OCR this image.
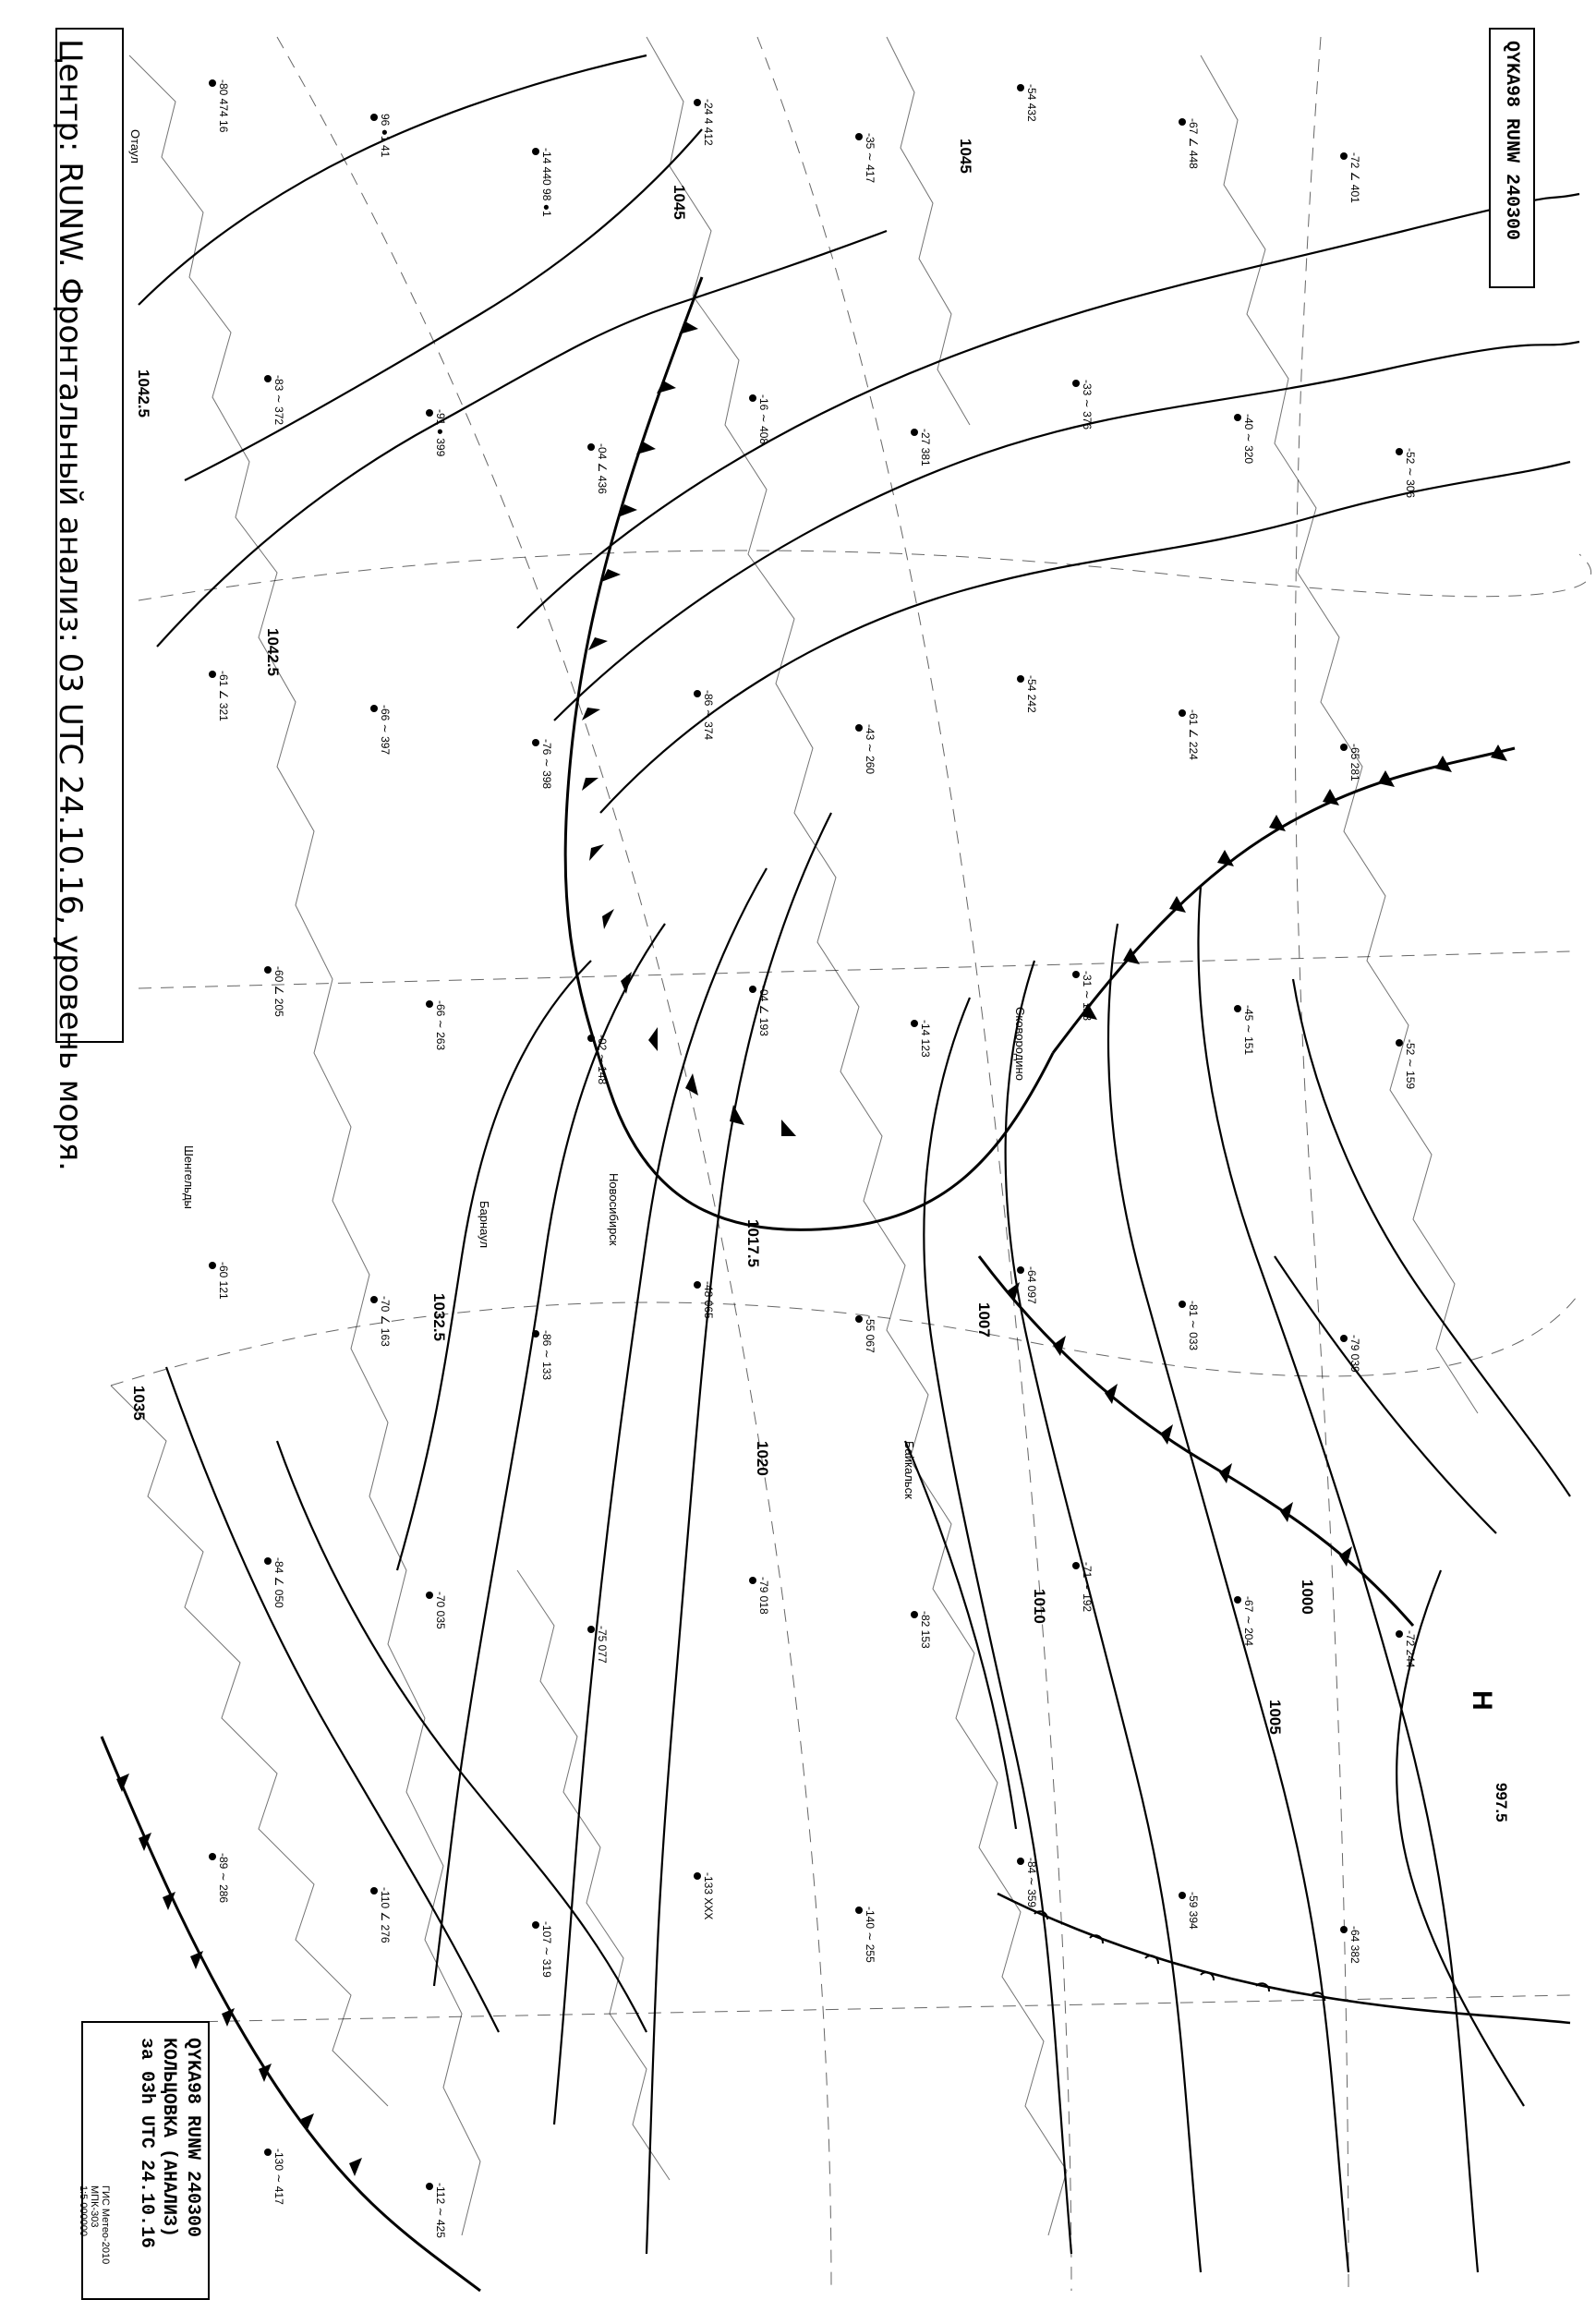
-80 474 16
96 ●1 41
-14 440 98 ●1
-24 4 412
-35 ∼ 417
-54 432
-67 ∠ 448
-72 ∠ 401
-83 ∼ 372
-91 ● 399
-04 ∠ 436
-16 ∼ 408
-27 381
-33 ∼ 376
-40 ∼ 320
-52 ∼ 306
-61 ∠ 321
-66 ∼ 397
-76 ∼ 398
-86 ∼ 374
-43 ∼ 260
-54 242
-61 ∠ 224
-65 281
-60 ∠ 205
-66 ∼ 263
-02 ∼ 148
-04 ∠ 193
-14 123
-31 ∼ 123
-45 ∼ 151
-52 ∼ 159
-60 121
-70 ∠ 163
-86 ∼ 133
-48 065
-55 067
-64 097
-81 ∼ 033
-79 039
-84 ∠ 050
-70 035
-75 077
-79 018
-82 153
-71 ∼ 192
-67 ∼ 204
-72 244
-89 ∼ 286
-110 ∠ 276
-107 ∼ 319
-133 XXX
-140 ∼ 255
-84 ∼ 359
-59 394
-64 382
-130 ∼ 417
-112 ∼ 425
Отаул
Шенгельды	Новосибирск
Сковородино
Барнаул
Байкальск
1045
1045
1042.5
1042.5
1035
1032.5
1020
1017.5
1010
1007
1005
1000
997.5
H
Центр: RUNW. Фронтальный анализ: 03 UTC 24.10.16, уровень моря.	QYKA98 RUNW 240300
QYKA98 RUNW 240300
КОЛЬЦОВКА (АНАЛИЗ)
за 03h UTC 24.10.16
ГИС Метео-2010
МПК-303
1:5 000000
